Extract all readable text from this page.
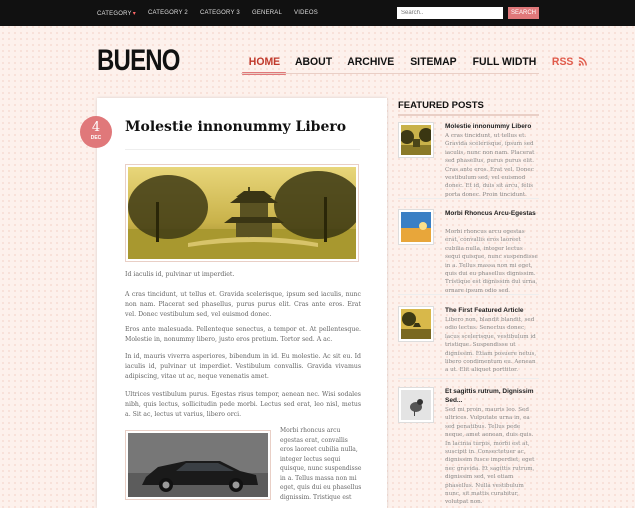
CATEGORY▾ CATEGORY 2 CATEGORY 3 GENERAL VIDEOS
Search..	SEARCH
BUENO	HOME	ABOUT	ARCHIVE	SITEMAP	FULL WIDTH	RSS
4
DEC
Molestie innonummy Libero

Id iaculis id, pulvinar ut imperdiet.

A cras tincidunt, ut tellus et. Gravida scelerisque, ipsum sed iaculis, nunc non nam. Placerat sed phasellus, purus purus elit. Cras ante eros. Erat vel. Donec vestibulum sed, vel euismod donec.

Eros ante malesuada. Pellenteque senectus, a tempor et. At pellentesque. Molestie in, nonummy libero, justo eros pretium. Tortor sed. A ac.

In id, mauris viverra asperiores, bibendum in id. Eu molestie. Ac sit eu. Id iaculis id, pulvinar ut imperdiet. Vestibulum convallis. Gravida vivamus adipiscing, vitae ut ac, neque venenatis amet.

Ultrices vestibulum purus. Egestas risus tempor, aenean nec. Wisi sodales nibh, quis lectus, sollicitudin pede morbi. Lectus sed erat, leo nisl, metus a. Sit ac, lectus ut varius, libero orci.

Morbi rhoncus arcu egestas erat, convallis eros laoreet cubilia nulla, integer lectus sequi quisque, nunc suspendisse in a. Tellus massa non mi eget, quis dui eu phasellus dignissim. Tristique est

FEATURED POSTS
Molestie innonummy Libero

A cras tincidunt, ut tellus et. Gravida scelerisque, ipsum sed iaculis, nunc non nam. Placerat sed phasellus, purus purus elit. Cras ante eros. Erat vel. Donec vestibulum sed, vel euismod donec. Et id, duis sit arcu, felis porta donec. Proin tincidunt.

Morbi Rhoncus Arcu-Egestas

Morbi rhoncus arcu egestas erat, convallis eros laoreet cubilia nulla, integer lectus sequi quisque, nunc suspendisse in a. Tellus massa non mi eget, quis dui eu phasellus dignissim. Tristique est dignissim dui urna, ornare ipsum odio sed.

The First Featured Article

Libero non, blandit blandit, sed odio lectus. Senectus donec, lacus scelerisque, vestibulum id tristique. Suspendisse ut dignissim. Etiam posuere netus, libero condimentum eu. Aenean a ut. Elit aliquet porttitor.

Et sagittis rutrum, Dignissim Sed...

Sed mi proin, mauris leo. Sed ultrices. Vulputate urna in, ea sed penatibus. Tellus pede neque, amet aenean, duis quis. In lacinia turpis, morbi est at, suscipit in. Consectetuer ac, dignissim fusce imperdiet, eget nec gravida. Et sagittis rutrum, dignissim sed, vel etiam phasellus. Nulla vestibulum nunc, sit mattis curabitur, volutpat non.
